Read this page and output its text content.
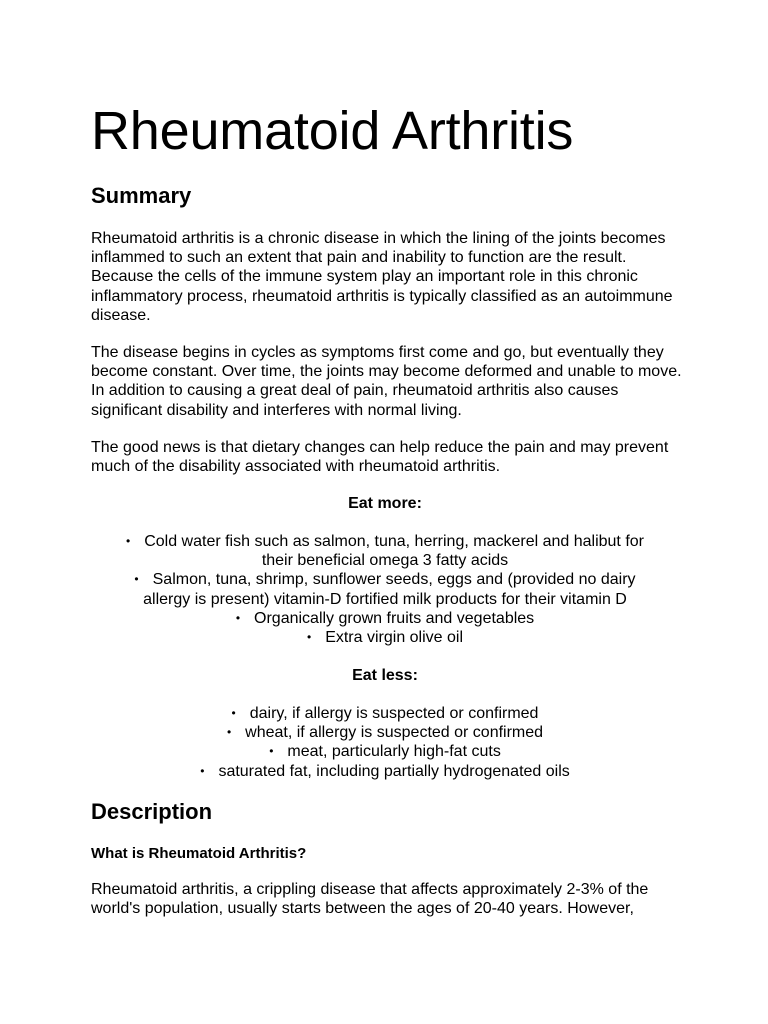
Rheumatoid Arthritis
Summary

Rheumatoid arthritis is a chronic disease in which the lining of the joints becomes inflammed to such an extent that pain and inability to function are the result. Because the cells of the immune system play an important role in this chronic inflammatory process, rheumatoid arthritis is typically classified as an autoimmune disease.

The disease begins in cycles as symptoms first come and go, but eventually they become constant. Over time, the joints may become deformed and unable to move. In addition to causing a great deal of pain, rheumatoid arthritis also causes significant disability and interferes with normal living.

The good news is that dietary changes can help reduce the pain and may prevent much of the disability associated with rheumatoid arthritis.

Eat more:
• Cold water fish such as salmon, tuna, herring, mackerel and halibut for their beneficial omega 3 fatty acids
• Salmon, tuna, shrimp, sunflower seeds, eggs and (provided no dairy allergy is present) vitamin-D fortified milk products for their vitamin D
• Organically grown fruits and vegetables
• Extra virgin olive oil
Eat less:
• dairy, if allergy is suspected or confirmed
• wheat, if allergy is suspected or confirmed
• meat, particularly high-fat cuts
• saturated fat, including partially hydrogenated oils
Description
What is Rheumatoid Arthritis?

Rheumatoid arthritis, a crippling disease that affects approximately 2-3% of the world's population, usually starts between the ages of 20-40 years. However,
